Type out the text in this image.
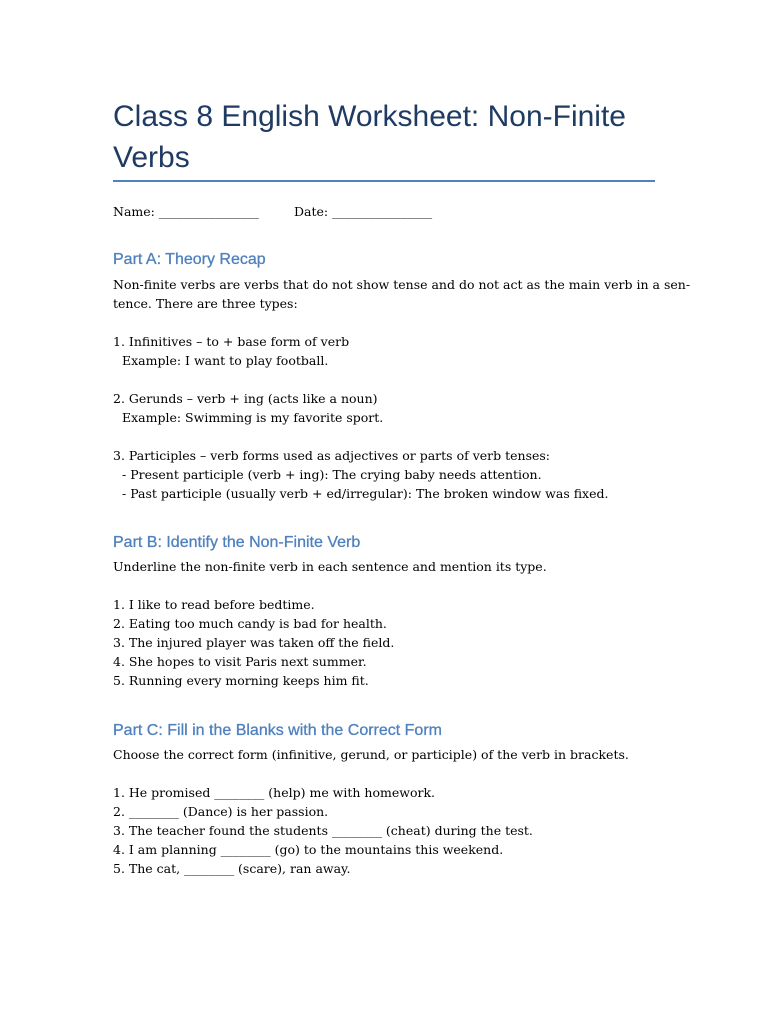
Class 8 English Worksheet: Non-Finite
Verbs
Name: ________________	Date: ________________
Part A: Theory Recap
Non-finite verbs are verbs that do not show tense and do not act as the main verb in a sen-
tence. There are three types:
1. Infinitives – to + base form of verb
Example: I want to play football.
2. Gerunds – verb + ing (acts like a noun)
Example: Swimming is my favorite sport.
3. Participles – verb forms used as adjectives or parts of verb tenses:
- Present participle (verb + ing): The crying baby needs attention.
- Past participle (usually verb + ed/irregular): The broken window was fixed.
Part B: Identify the Non-Finite Verb
Underline the non-finite verb in each sentence and mention its type.
1. I like to read before bedtime.
2. Eating too much candy is bad for health.
3. The injured player was taken off the field.
4. She hopes to visit Paris next summer.
5. Running every morning keeps him fit.
Part C: Fill in the Blanks with the Correct Form
Choose the correct form (infinitive, gerund, or participle) of the verb in brackets.
1. He promised ________ (help) me with homework.
2. ________ (Dance) is her passion.
3. The teacher found the students ________ (cheat) during the test.
4. I am planning ________ (go) to the mountains this weekend.
5. The cat, ________ (scare), ran away.
